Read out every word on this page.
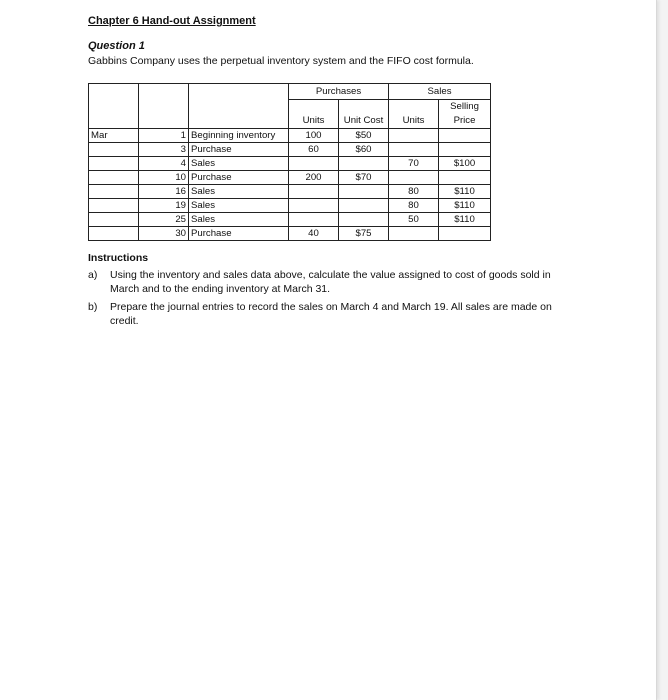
Chapter 6 Hand-out Assignment
Question 1
Gabbins Company uses the perpetual inventory system and the FIFO cost formula.
			Purchases		Sales	
						Selling
			Units	Unit Cost	Units	Price
Mar	1	Beginning inventory	100	$50		
	3	Purchase	60	$60		
	4	Sales			70	$100
	10	Purchase	200	$70		
	16	Sales			80	$110
	19	Sales			80	$110
	25	Sales			50	$110
	30	Purchase	40	$75		
Instructions
a) Using the inventory and sales data above, calculate the value assigned to cost of goods sold in March and to the ending inventory at March 31.
b) Prepare the journal entries to record the sales on March 4 and March 19. All sales are made on credit.
